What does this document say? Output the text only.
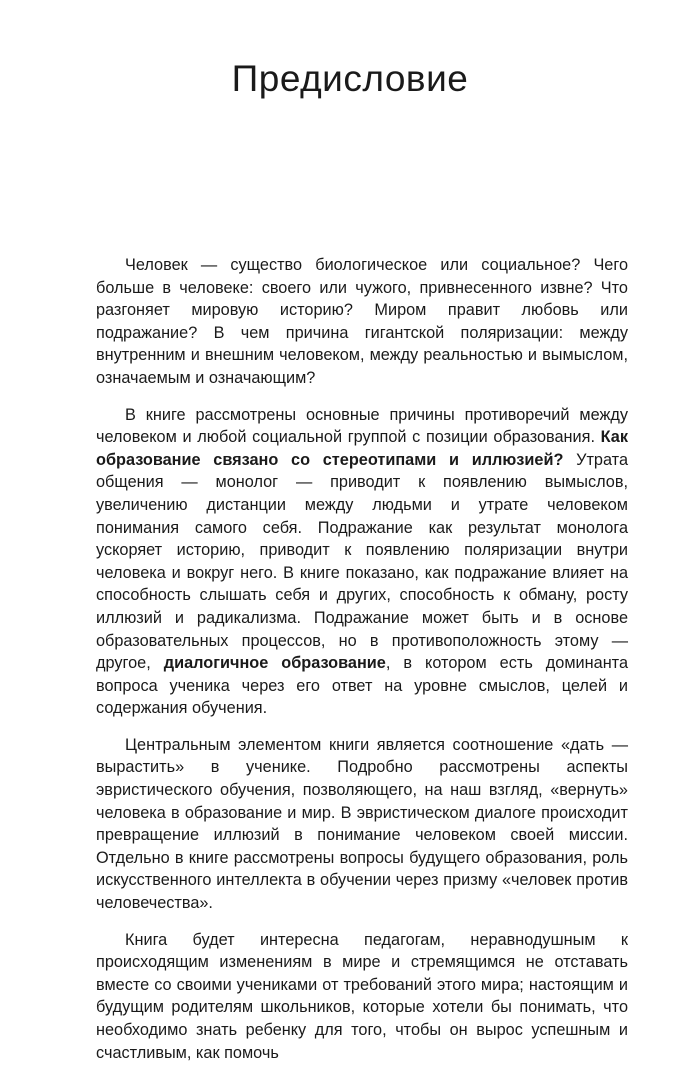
Предисловие

Человек — существо биологическое или социальное? Чего больше в человеке: своего или чужого, привнесенного извне? Что разгоняет мировую историю? Миром правит любовь или подражание? В чем причина гигантской поляризации: между внутренним и внешним человеком, между реальностью и вымыслом, означаемым и означающим?

В книге рассмотрены основные причины противоречий между человеком и любой социальной группой с позиции образования. Как образование связано со стереотипами и иллюзией? Утрата общения — монолог — приводит к появлению вымыслов, увеличению дистанции между людьми и утрате человеком понимания самого себя. Подражание как результат монолога ускоряет историю, приводит к появлению поляризации внутри человека и вокруг него. В книге показано, как подражание влияет на способность слышать себя и других, способность к обману, росту иллюзий и радикализма. Подражание может быть и в основе образовательных процессов, но в противоположность этому — другое, диалогичное образование, в котором есть доминанта вопроса ученика через его ответ на уровне смыслов, целей и содержания обучения.

Центральным элементом книги является соотношение «дать — вырастить» в ученике. Подробно рассмотрены аспекты эвристического обучения, позволяющего, на наш взгляд, «вернуть» человека в образование и мир. В эвристическом диалоге происходит превращение иллюзий в понимание человеком своей миссии. Отдельно в книге рассмотрены вопросы будущего образования, роль искусственного интеллекта в обучении через призму «человек против человечества».

Книга будет интересна педагогам, неравнодушным к происходящим изменениям в мире и стремящимся не отставать вместе со своими учениками от требований этого мира; настоящим и будущим родителям школьников, которые хотели бы понимать, что необходимо знать ребенку для того, чтобы он вырос успешным и счастливым, как помочь
